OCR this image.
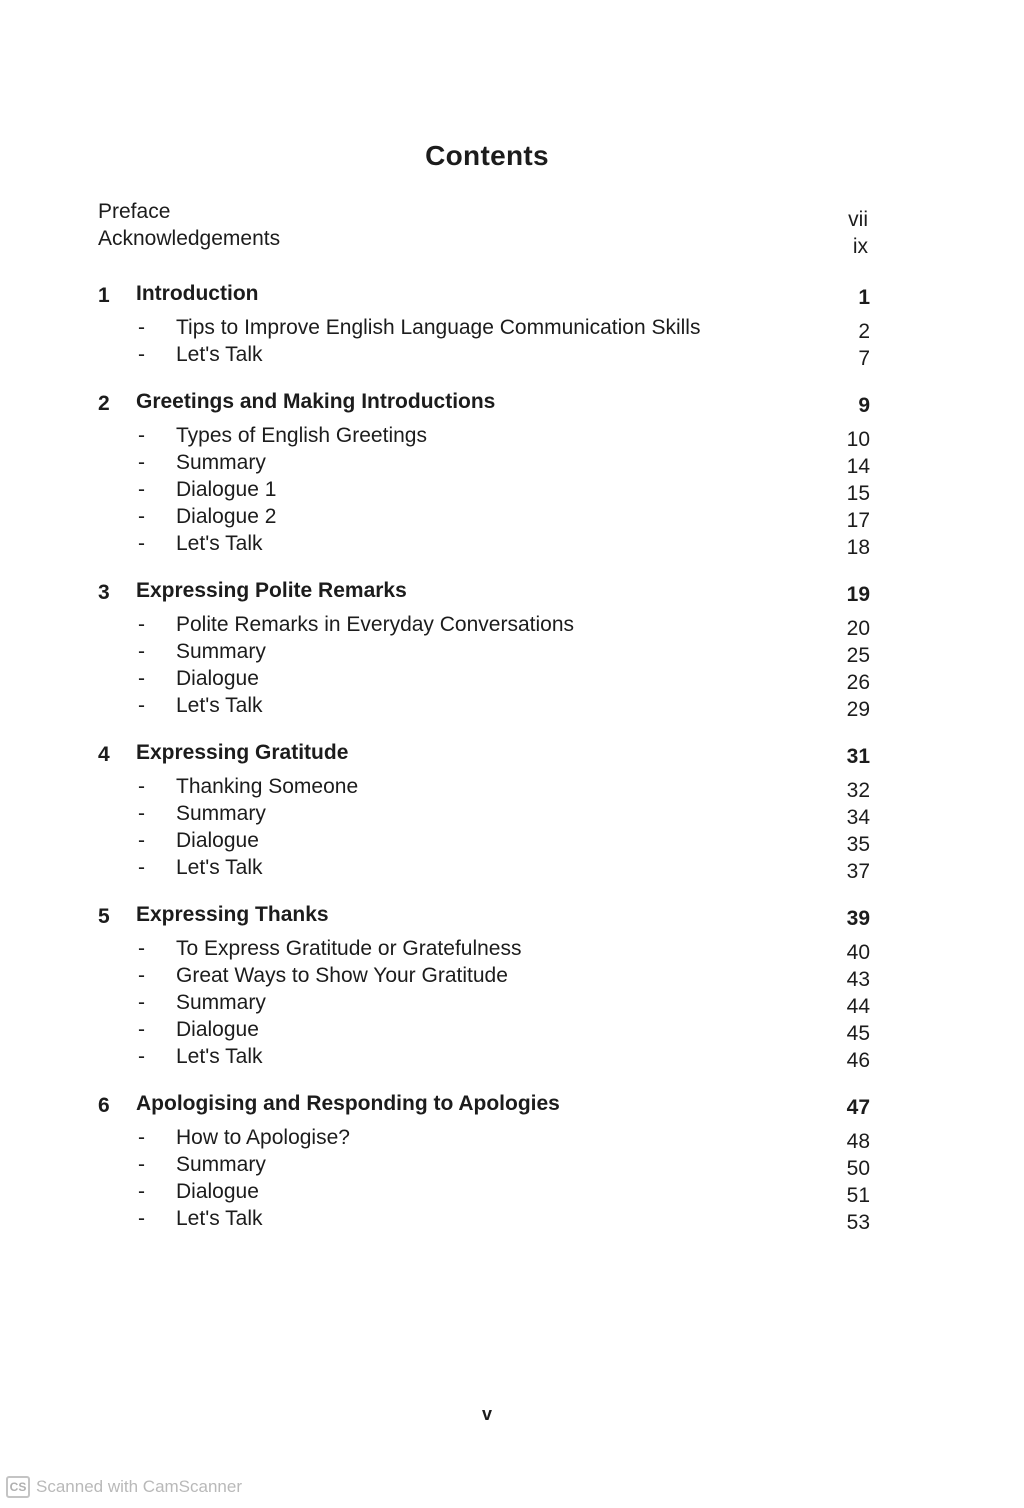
Contents
Preface	vii
Acknowledgements	ix
1	Introduction	1
-	Tips to Improve English Language Communication Skills	2
-	Let's Talk	7
2	Greetings and Making Introductions	9
-	Types of English Greetings	10
-	Summary	14
-	Dialogue 1	15
-	Dialogue 2	17
-	Let's Talk	18
3	Expressing Polite Remarks	19
-	Polite Remarks in Everyday Conversations	20
-	Summary	25
-	Dialogue	26
-	Let's Talk	29
4	Expressing Gratitude	31
-	Thanking Someone	32
-	Summary	34
-	Dialogue	35
-	Let's Talk	37
5	Expressing Thanks	39
-	To Express Gratitude or Gratefulness	40
-	Great Ways to Show Your Gratitude	43
-	Summary	44
-	Dialogue	45
-	Let's Talk	46
6	Apologising and Responding to Apologies	47
-	How to Apologise?	48
-	Summary	50
-	Dialogue	51
-	Let's Talk	53
v
CS Scanned with CamScanner
